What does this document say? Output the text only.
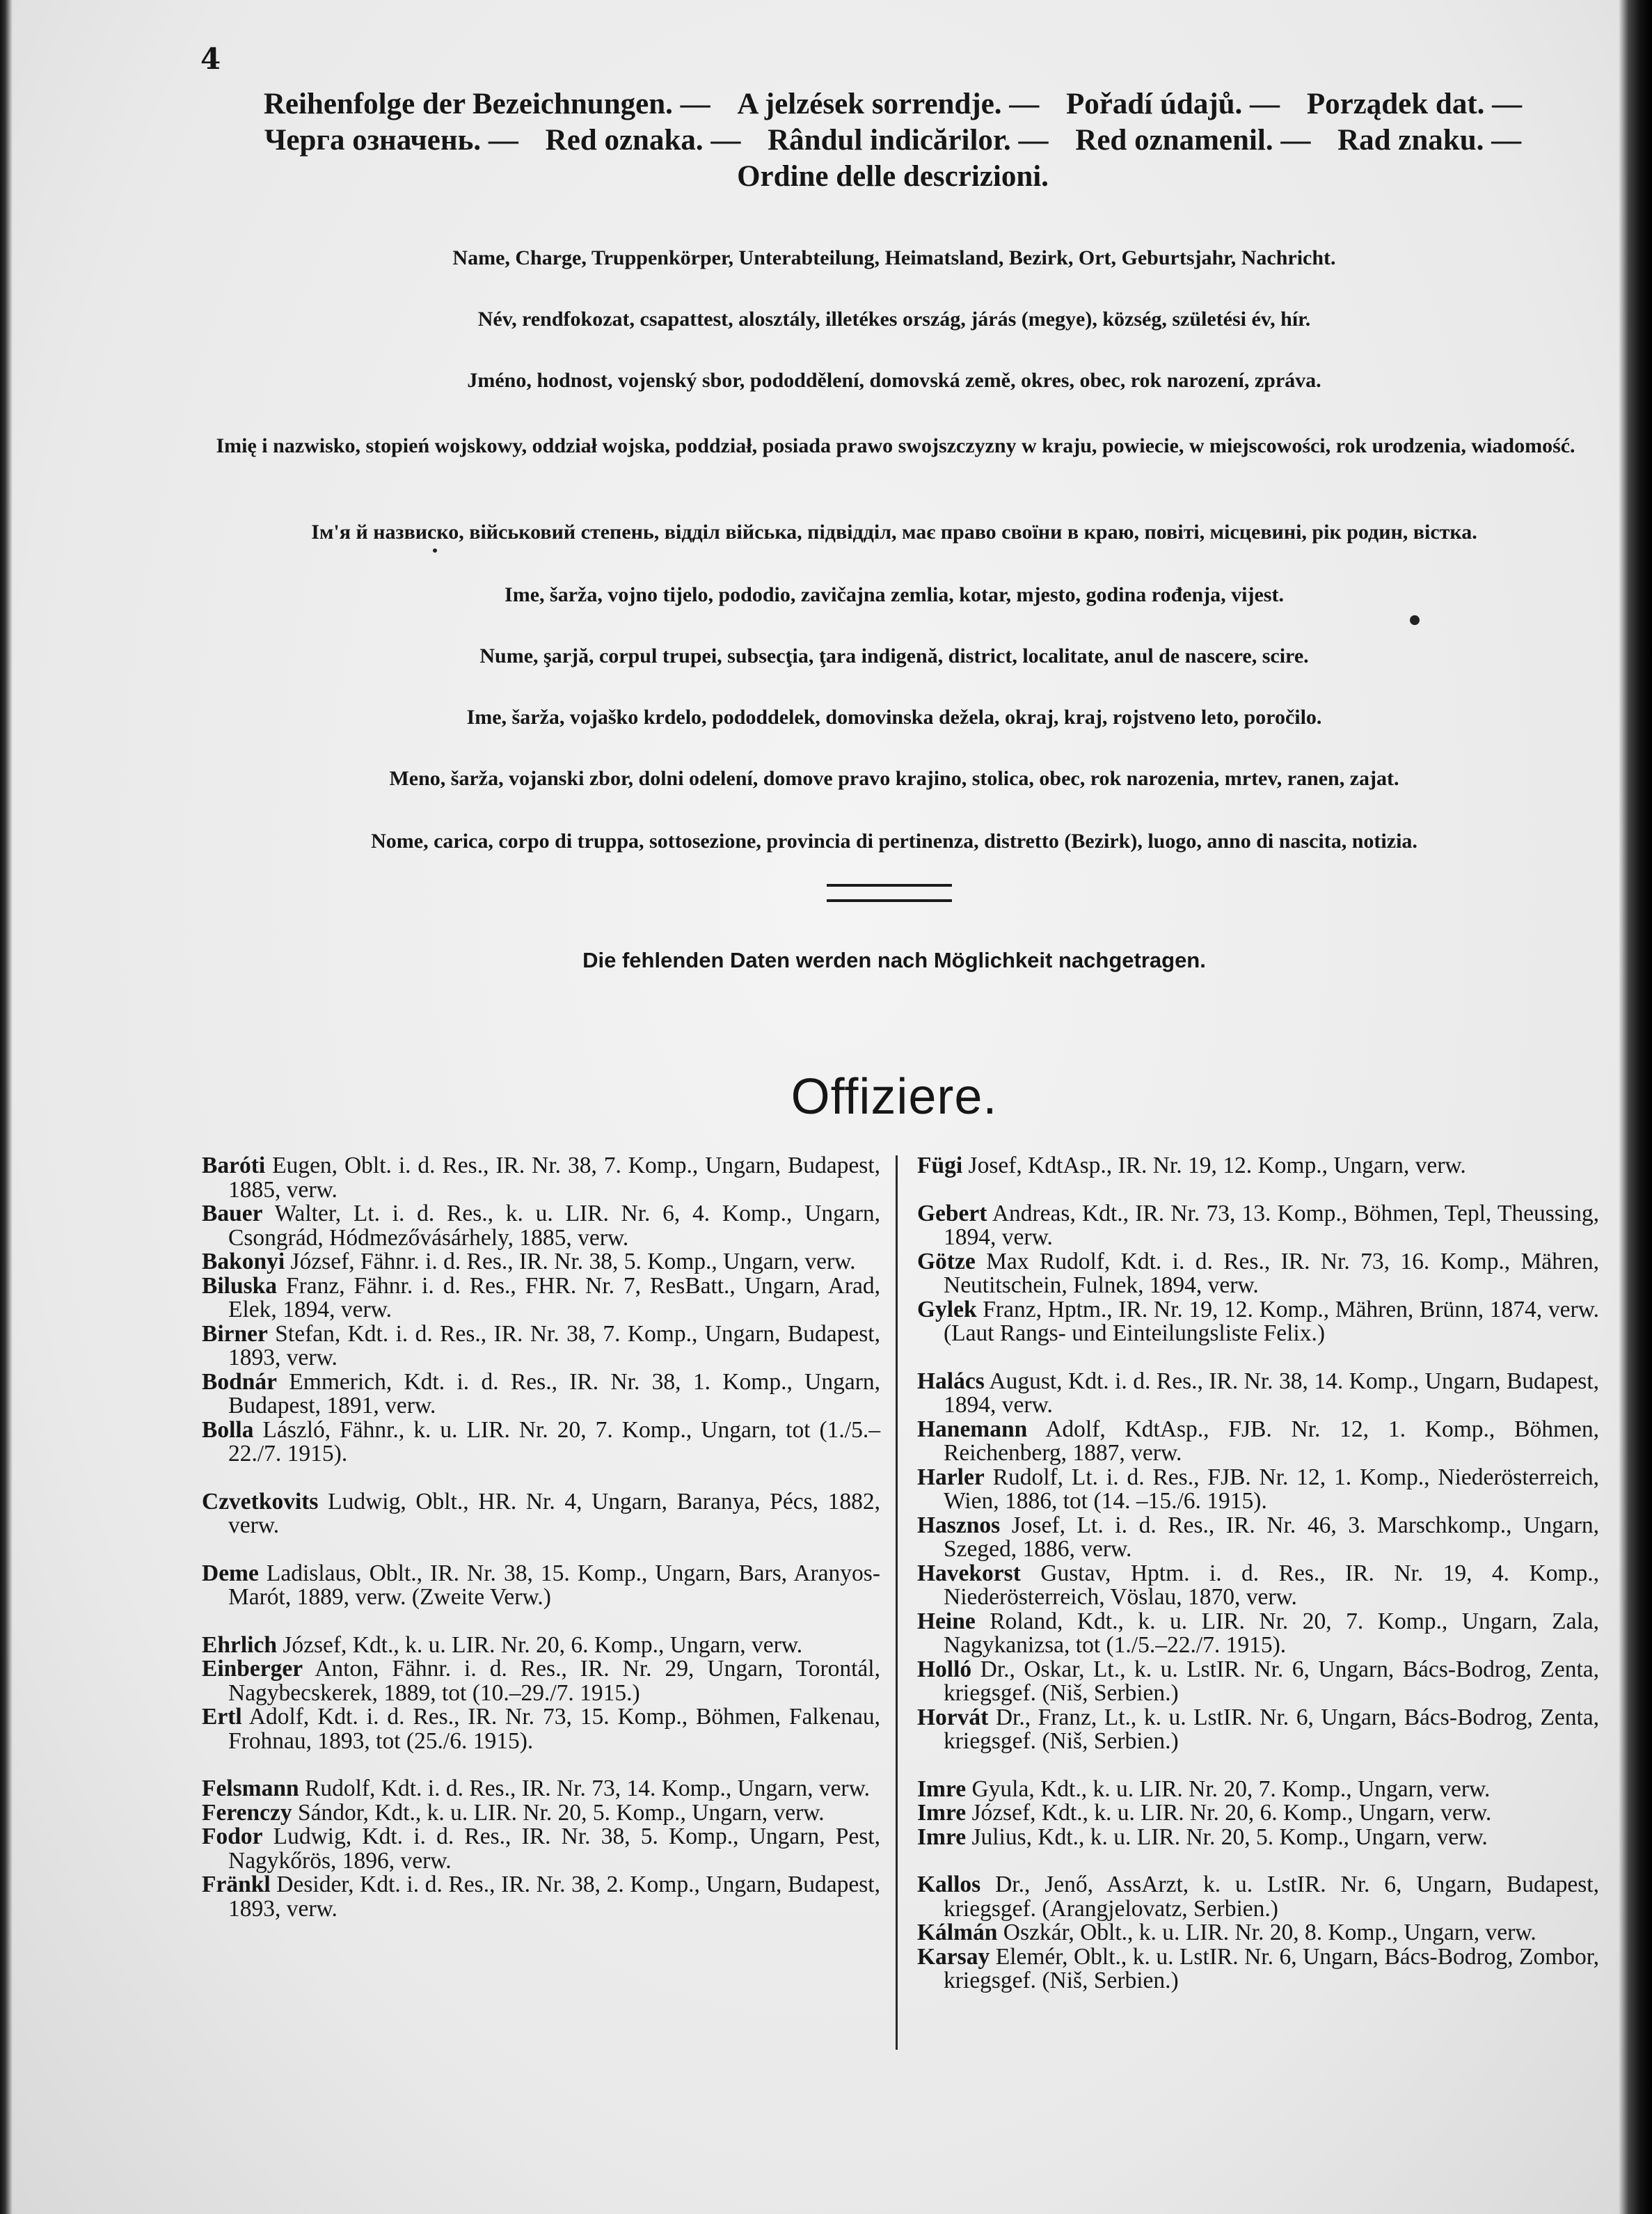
4
Reihenfolge der Bezeichnungen. — A jelzések sorrendje. — Pořadí údajů. — Porządek dat. —
Черга означень. — Red oznaka. — Rândul indicărilor. — Red oznamenil. — Rad znaku. —
Ordine delle descrizioni.
Name, Charge, Truppenkörper, Unterabteilung, Heimatsland, Bezirk, Ort, Geburtsjahr, Nachricht.
Név, rendfokozat, csapattest, alosztály, illetékes ország, járás (megye), község, születési év, hír.
Jméno, hodnost, vojenský sbor, pododdělení, domovská země, okres, obec, rok narození, zpráva.
Imię i nazwisko, stopień wojskowy, oddział wojska, poddział, posiada prawo swojszczyzny w kraju, powiecie, w miejscowości, rok urodzenia, wiadomość.
Ім'я й назвиско, військовий степень, відділ війська, підвідділ, має право своїни в краю, повіті, місцевині, рік родин, вістка.
Ime, šarža, vojno tijelo, pododio, zavičajna zemlia, kotar, mjesto, godina rođenja, vijest.
Nume, şarjă, corpul trupei, subsecţia, ţara indigenă, district, localitate, anul de nascere, scire.
Ime, šarža, vojaško krdelo, pododdelek, domovinska dežela, okraj, kraj, rojstveno leto, poročilo.
Meno, šarža, vojanski zbor, dolni odelení, domove pravo krajino, stolica, obec, rok narozenia, mrtev, ranen, zajat.
Nome, carica, corpo di truppa, sottosezione, provincia di pertinenza, distretto (Bezirk), luogo, anno di nascita, notizia.
Die fehlenden Daten werden nach Möglichkeit nachgetragen.
Offiziere.
Baróti Eugen, Oblt. i. d. Res., IR. Nr. 38, 7. Komp., Ungarn, Budapest, 1885, verw.
Bauer Walter, Lt. i. d. Res., k. u. LIR. Nr. 6, 4. Komp., Ungarn, Csongrád, Hódmezővásárhely, 1885, verw.
Bakonyi József, Fähnr. i. d. Res., IR. Nr. 38, 5. Komp., Ungarn, verw.
Biluska Franz, Fähnr. i. d. Res., FHR. Nr. 7, ResBatt., Ungarn, Arad, Elek, 1894, verw.
Birner Stefan, Kdt. i. d. Res., IR. Nr. 38, 7. Komp., Ungarn, Budapest, 1893, verw.
Bodnár Emmerich, Kdt. i. d. Res., IR. Nr. 38, 1. Komp., Ungarn, Budapest, 1891, verw.
Bolla László, Fähnr., k. u. LIR. Nr. 20, 7. Komp., Ungarn, tot (1./5.–22./7. 1915).
Czvetkovits Ludwig, Oblt., HR. Nr. 4, Ungarn, Baranya, Pécs, 1882, verw.
Deme Ladislaus, Oblt., IR. Nr. 38, 15. Komp., Ungarn, Bars, Aranyos-Marót, 1889, verw. (Zweite Verw.)
Ehrlich József, Kdt., k. u. LIR. Nr. 20, 6. Komp., Ungarn, verw.
Einberger Anton, Fähnr. i. d. Res., IR. Nr. 29, Ungarn, Torontál, Nagybecskerek, 1889, tot (10.–29./7. 1915.)
Ertl Adolf, Kdt. i. d. Res., IR. Nr. 73, 15. Komp., Böhmen, Falkenau, Frohnau, 1893, tot (25./6. 1915).
Felsmann Rudolf, Kdt. i. d. Res., IR. Nr. 73, 14. Komp., Ungarn, verw.
Ferenczy Sándor, Kdt., k. u. LIR. Nr. 20, 5. Komp., Ungarn, verw.
Fodor Ludwig, Kdt. i. d. Res., IR. Nr. 38, 5. Komp., Ungarn, Pest, Nagykőrös, 1896, verw.
Fränkl Desider, Kdt. i. d. Res., IR. Nr. 38, 2. Komp., Ungarn, Budapest, 1893, verw.
Fügi Josef, KdtAsp., IR. Nr. 19, 12. Komp., Ungarn, verw.
Gebert Andreas, Kdt., IR. Nr. 73, 13. Komp., Böhmen, Tepl, Theussing, 1894, verw.
Götze Max Rudolf, Kdt. i. d. Res., IR. Nr. 73, 16. Komp., Mähren, Neutitschein, Fulnek, 1894, verw.
Gylek Franz, Hptm., IR. Nr. 19, 12. Komp., Mähren, Brünn, 1874, verw. (Laut Rangs- und Einteilungsliste Felix.)
Halács August, Kdt. i. d. Res., IR. Nr. 38, 14. Komp., Ungarn, Budapest, 1894, verw.
Hanemann Adolf, KdtAsp., FJB. Nr. 12, 1. Komp., Böhmen, Reichenberg, 1887, verw.
Harler Rudolf, Lt. i. d. Res., FJB. Nr. 12, 1. Komp., Niederösterreich, Wien, 1886, tot (14. –15./6. 1915).
Hasznos Josef, Lt. i. d. Res., IR. Nr. 46, 3. Marschkomp., Ungarn, Szeged, 1886, verw.
Havekorst Gustav, Hptm. i. d. Res., IR. Nr. 19, 4. Komp., Niederösterreich, Vöslau, 1870, verw.
Heine Roland, Kdt., k. u. LIR. Nr. 20, 7. Komp., Ungarn, Zala, Nagykanizsa, tot (1./5.–22./7. 1915).
Holló Dr., Oskar, Lt., k. u. LstIR. Nr. 6, Ungarn, Bács-Bodrog, Zenta, kriegsgef. (Niš, Serbien.)
Horvát Dr., Franz, Lt., k. u. LstIR. Nr. 6, Ungarn, Bács-Bodrog, Zenta, kriegsgef. (Niš, Serbien.)
Imre Gyula, Kdt., k. u. LIR. Nr. 20, 7. Komp., Ungarn, verw.
Imre József, Kdt., k. u. LIR. Nr. 20, 6. Komp., Ungarn, verw.
Imre Julius, Kdt., k. u. LIR. Nr. 20, 5. Komp., Ungarn, verw.
Kallos Dr., Jenő, AssArzt, k. u. LstIR. Nr. 6, Ungarn, Budapest, kriegsgef. (Arangjelovatz, Serbien.)
Kálmán Oszkár, Oblt., k. u. LIR. Nr. 20, 8. Komp., Ungarn, verw.
Karsay Elemér, Oblt., k. u. LstIR. Nr. 6, Ungarn, Bács-Bodrog, Zombor, kriegsgef. (Niš, Serbien.)
